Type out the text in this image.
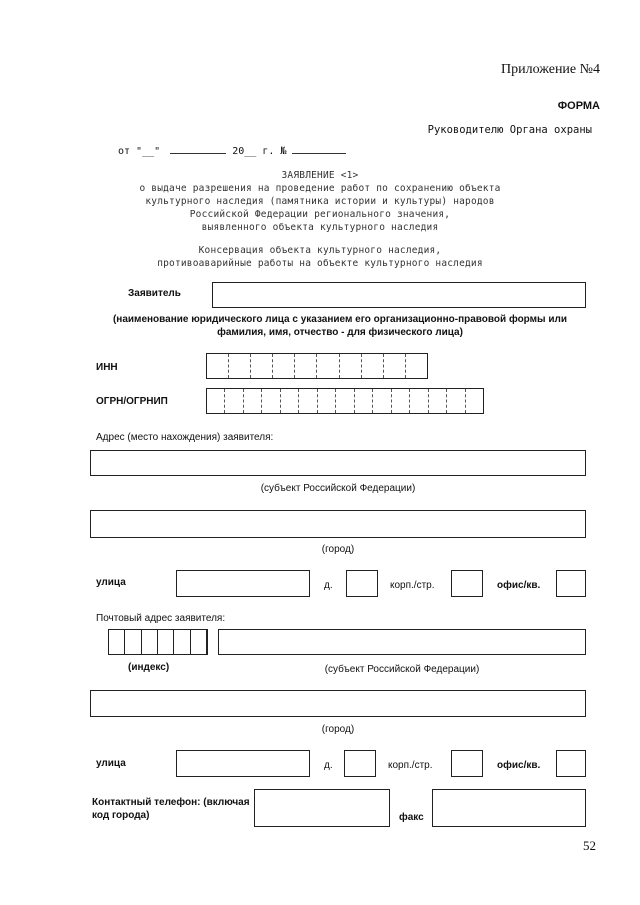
Приложение №4
ФОРМА
Руководителю Органа охраны
от "__"	20__ г. №
ЗАЯВЛЕНИЕ <1>
о выдаче разрешения на проведение работ по сохранению объекта
культурного наследия (памятника истории и культуры) народов
Российской Федерации регионального значения,
выявленного объекта культурного наследия
Консервация объекта культурного наследия,
противоаварийные работы на объекте культурного наследия
Заявитель
(наименование юридического лица с указанием его организационно-правовой формы или
фамилия, имя, отчество - для физического лица)
ИНН
ОГРН/ОГРНИП
Адрес (место нахождения) заявителя:
(субъект Российской Федерации)
(город)
улица	д.	корп./стр.	офис/кв.
Почтовый адрес заявителя:
(индекс)	(субъект Российской Федерации)
(город)
улица	д.	корп./стр.	офис/кв.
Контактный телефон: (включая
код города)	факс
52
